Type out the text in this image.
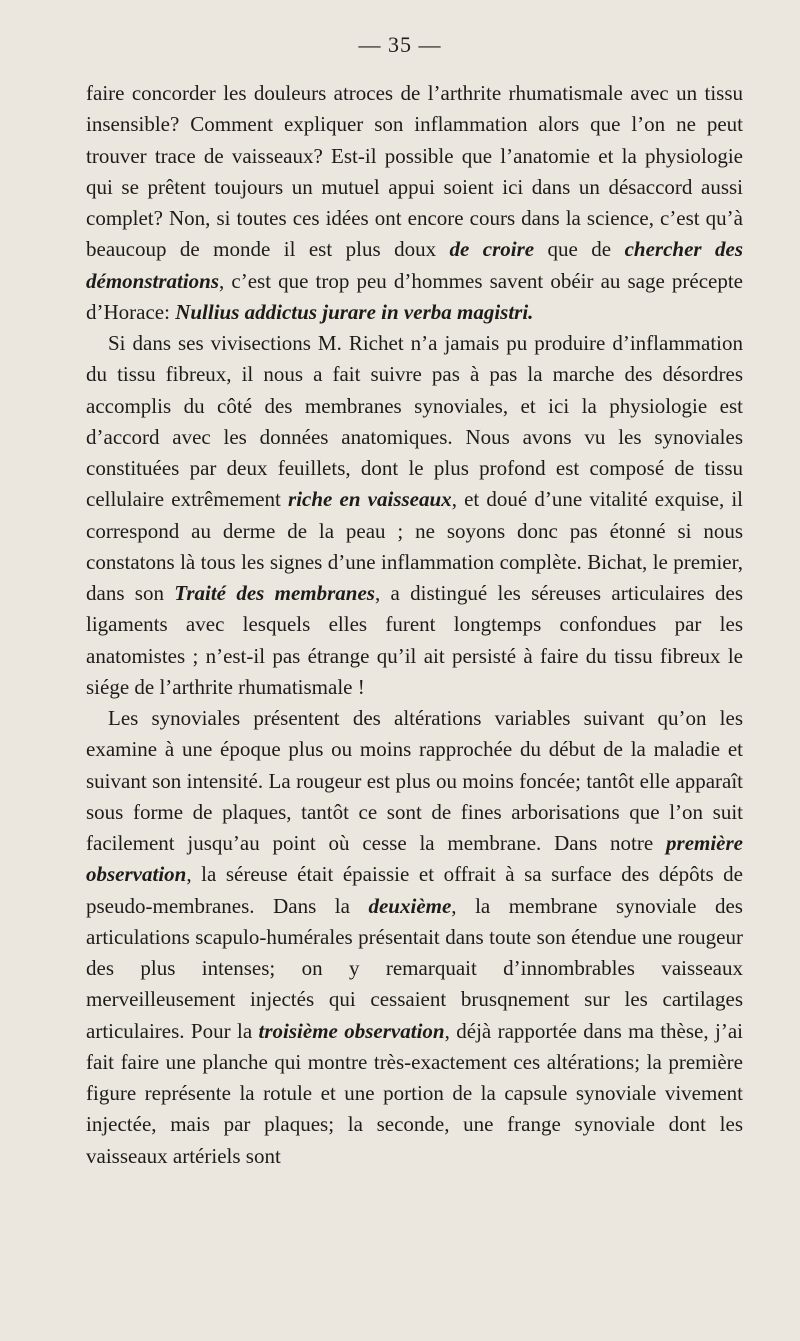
— 35 —

faire concorder les douleurs atroces de l’arthrite rhumatismale avec un tissu insensible? Comment expliquer son inflammation alors que l’on ne peut trouver trace de vaisseaux? Est-il possible que l’anatomie et la physiologie qui se prêtent toujours un mutuel appui soient ici dans un désaccord aussi complet? Non, si toutes ces idées ont encore cours dans la science, c’est qu’à beaucoup de monde il est plus doux de croire que de chercher des démonstrations, c’est que trop peu d’hommes savent obéir au sage précepte d’Horace: Nullius addictus jurare in verba magistri.

Si dans ses vivisections M. Richet n’a jamais pu produire d’inflammation du tissu fibreux, il nous a fait suivre pas à pas la marche des désordres accomplis du côté des membranes synoviales, et ici la physiologie est d’accord avec les données anatomiques. Nous avons vu les synoviales constituées par deux feuillets, dont le plus profond est composé de tissu cellulaire extrêmement riche en vaisseaux, et doué d’une vitalité exquise, il correspond au derme de la peau ; ne soyons donc pas étonné si nous constatons là tous les signes d’une inflammation complète. Bichat, le premier, dans son Traité des membranes, a distingué les séreuses articulaires des ligaments avec lesquels elles furent longtemps confondues par les anatomistes ; n’est-il pas étrange qu’il ait persisté à faire du tissu fibreux le siége de l’arthrite rhumatismale !

Les synoviales présentent des altérations variables suivant qu’on les examine à une époque plus ou moins rapprochée du début de la maladie et suivant son intensité. La rougeur est plus ou moins foncée; tantôt elle apparaît sous forme de plaques, tantôt ce sont de fines arborisations que l’on suit facilement jusqu’au point où cesse la membrane. Dans notre première observation, la séreuse était épaissie et offrait à sa surface des dépôts de pseudo-membranes. Dans la deuxième, la membrane synoviale des articulations scapulo-humérales présentait dans toute son étendue une rougeur des plus intenses; on y remarquait d’innombrables vaisseaux merveilleusement injectés qui cessaient brusqnement sur les cartilages articulaires. Pour la troisième observation, déjà rapportée dans ma thèse, j’ai fait faire une planche qui montre très-exactement ces altérations; la première figure représente la rotule et une portion de la capsule synoviale vivement injectée, mais par plaques; la seconde, une frange synoviale dont les vaisseaux artériels sont
